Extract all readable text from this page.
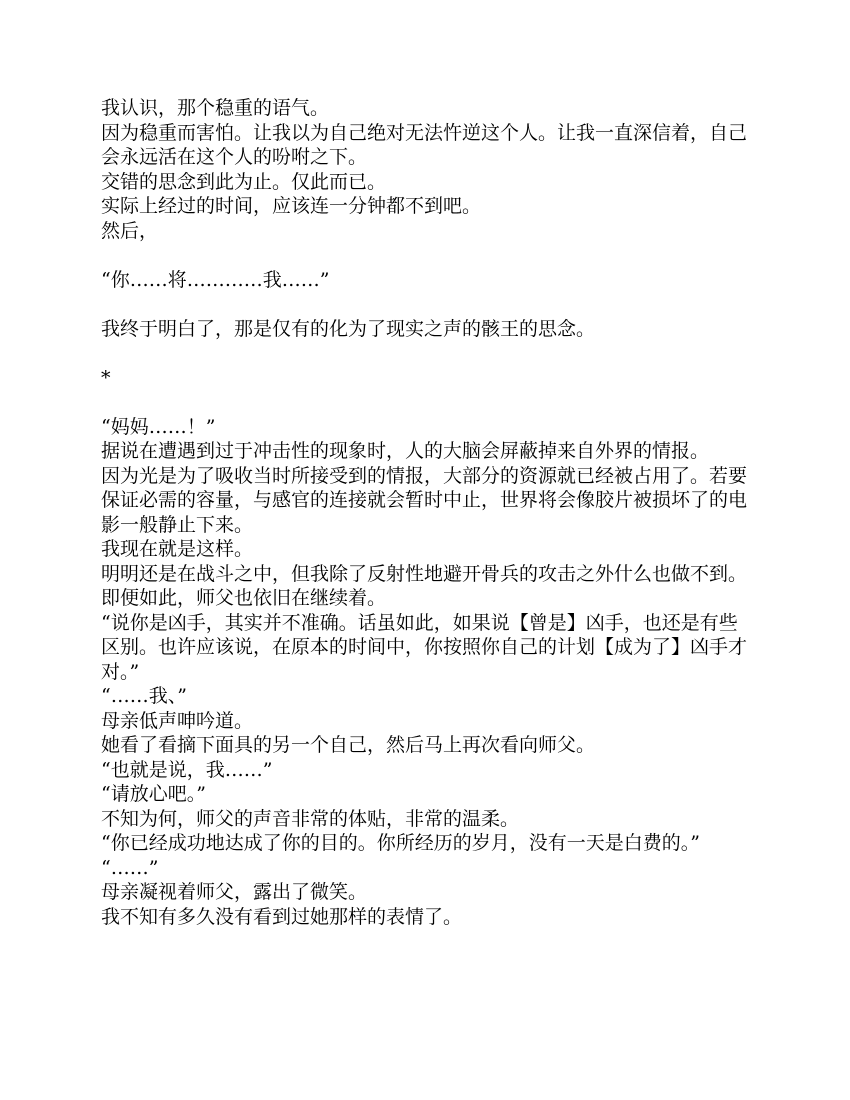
我认识，那个稳重的语气。

因为稳重而害怕。让我以为自己绝对无法忤逆这个人。让我一直深信着，自己会永远活在这个人的吩咐之下。

交错的思念到此为止。仅此而已。

实际上经过的时间，应该连一分钟都不到吧。

然后，

“你……将…………我……”

我终于明白了，那是仅有的化为了现实之声的骸王的思念。

*

“妈妈……！”

据说在遭遇到过于冲击性的现象时，人的大脑会屏蔽掉来自外界的情报。

因为光是为了吸收当时所接受到的情报，大部分的资源就已经被占用了。若要保证必需的容量，与感官的连接就会暂时中止，世界将会像胶片被损坏了的电影一般静止下来。

我现在就是这样。

明明还是在战斗之中，但我除了反射性地避开骨兵的攻击之外什么也做不到。

即便如此，师父也依旧在继续着。

“说你是凶手，其实并不准确。话虽如此，如果说【曾是】凶手，也还是有些区别。也许应该说，在原本的时间中，你按照你自己的计划【成为了】凶手才对。”

“……我、”

母亲低声呻吟道。

她看了看摘下面具的另一个自己，然后马上再次看向师父。

“也就是说，我……”

“请放心吧。”

不知为何，师父的声音非常的体贴，非常的温柔。

“你已经成功地达成了你的目的。你所经历的岁月，没有一天是白费的。”

“……”

母亲凝视着师父，露出了微笑。

我不知有多久没有看到过她那样的表情了。
